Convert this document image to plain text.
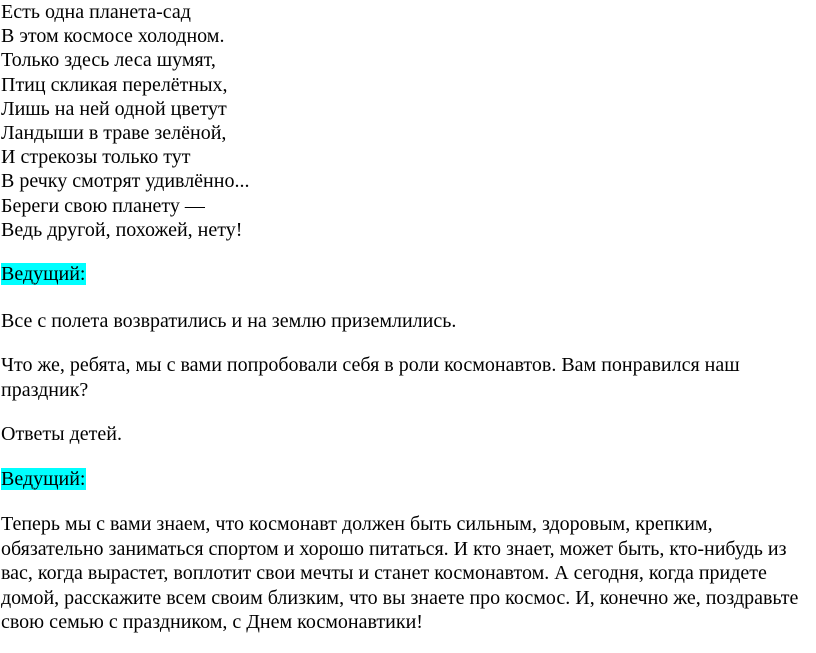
Есть одна планета-сад
В этом космосе холодном.
Только здесь леса шумят,
Птиц скликая перелётных,
Лишь на ней одной цветут
Ландыши в траве зелёной,
И стрекозы только тут
В речку смотрят удивлённо...
Береги свою планету —
Ведь другой, похожей, нету!

Ведущий:

Все с полета возвратились и на землю приземлились.

Что же, ребята, мы с вами попробовали себя в роли космонавтов. Вам понравился наш праздник?

Ответы детей.

Ведущий:

Теперь мы с вами знаем, что космонавт должен быть сильным, здоровым, крепким, обязательно заниматься спортом и хорошо питаться. И кто знает, может быть, кто-нибудь из вас, когда вырастет, воплотит свои мечты и станет космонавтом. А сегодня, когда придете домой, расскажите всем своим близким, что вы знаете про космос. И, конечно же, поздравьте свою семью с праздником, с Днем космонавтики!
